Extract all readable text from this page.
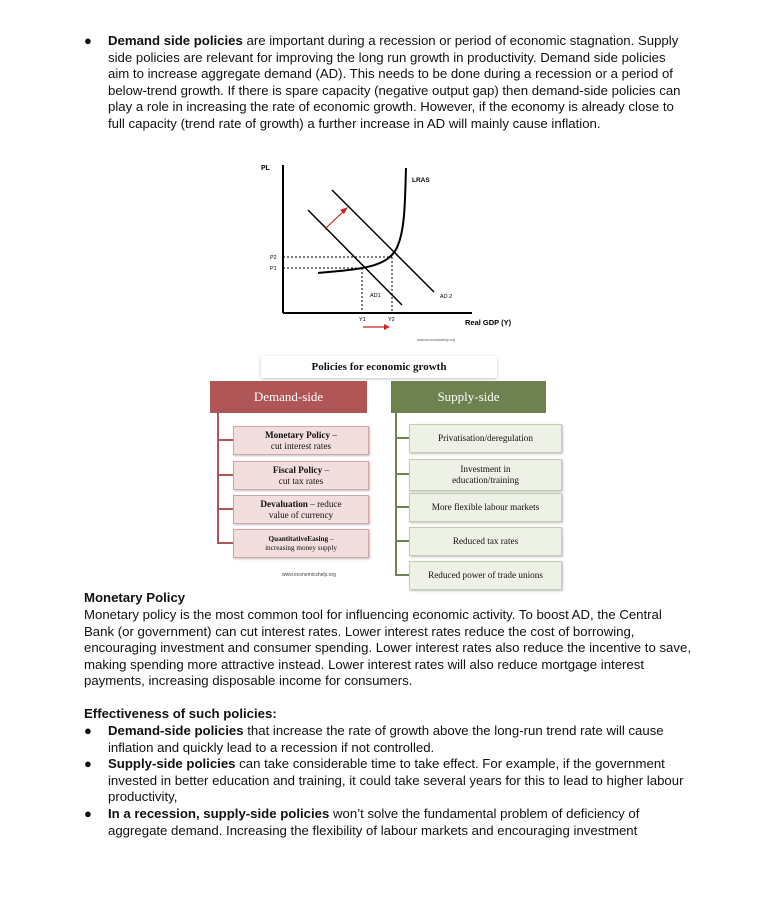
● Demand side policies are important during a recession or period of economic stagnation. Supply side policies are relevant for improving the long run growth in productivity. Demand side policies aim to increase aggregate demand (AD). This needs to be done during a recession or a period of below-trend growth. If there is spare capacity (negative output gap) then demand-side policies can play a role in increasing the rate of economic growth. However, if the economy is already close to full capacity (trend rate of growth) a further increase in AD will mainly cause inflation.
PL
Real GDP (Y)
LRAS
P2
P1
AD1	AD 2
Y1	Y2
www.economicshelp.org
Policies for economic growth
Demand-side	Supply-side
Monetary Policy –
cut interest rates
Fiscal Policy –
cut tax rates
Devaluation – reduce
value of currency
QuantitativeEasing –
increasing money supply
Privatisation/deregulation
Investment in education/training
More flexible labour markets
Reduced tax rates
Reduced power of trade unions
www.economicshelp.org
Monetary Policy
Monetary policy is the most common tool for influencing economic activity. To boost AD, the Central Bank (or government) can cut interest rates. Lower interest rates reduce the cost of borrowing, encouraging investment and consumer spending. Lower interest rates also reduce the incentive to save, making spending more attractive instead. Lower interest rates will also reduce mortgage interest payments, increasing disposable income for consumers.
Effectiveness of such policies:
● Demand-side policies that increase the rate of growth above the long-run trend rate will cause inflation and quickly lead to a recession if not controlled.
● Supply-side policies can take considerable time to take effect. For example, if the government invested in better education and training, it could take several years for this to lead to higher labour productivity,
● In a recession, supply-side policies won’t solve the fundamental problem of deficiency of aggregate demand. Increasing the flexibility of labour markets and encouraging investment
